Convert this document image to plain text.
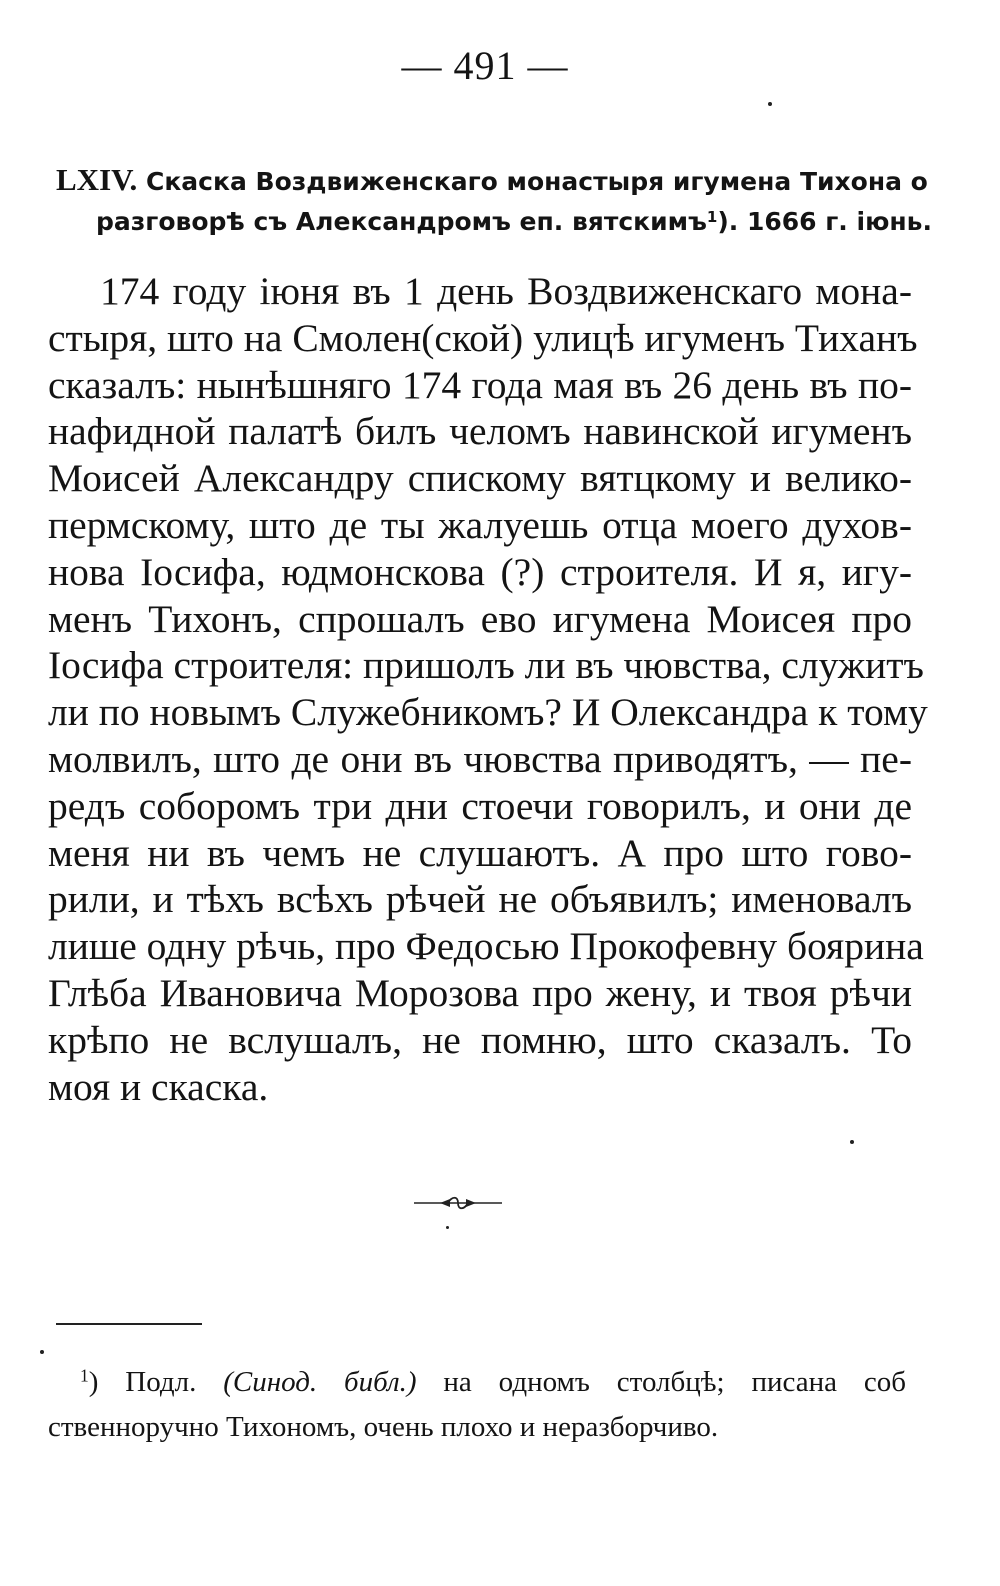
— 491 —
LXIV. Скаска Воздвиженскаго монастыря игумена Тихона о
разговорѣ съ Александромъ еп. вятскимъ$^1$). 1666 г. іюнь.
174 году іюня въ 1 день Воздвиженскаго мона-
стыря, што на Смолен(ской) улицѣ игуменъ Тиханъ
сказалъ: нынѣшняго 174 года мая въ 26 день въ по-
нафидной палатѣ билъ челомъ навинской игуменъ
Моисей Александру спискому вятцкому и велико-
пермскому, што де ты жалуешь отца моего духов-
нова Іосифа, юдмонскова (?) строителя. И я, игу-
менъ Тихонъ, спрошалъ ево игумена Моисея про
Іосифа строителя: пришолъ ли въ чювства, служитъ
ли по новымъ Служебникомъ? И Олександра к тому
молвилъ, што де они въ чювства приводятъ, — пе-
редъ соборомъ три дни стоечи говорилъ, и они де
меня ни въ чемъ не слушаютъ. А про што гово-
рили, и тѣхъ всѣхъ рѣчей не объявилъ; именовалъ
лише одну рѣчь, про Федосью Прокофевну боярина
Глѣба Ивановича Морозова про жену, и твоя рѣчи
крѣпо не вслушалъ, не помню, што сказалъ. То
моя и скаска.
$^1$) Подл. (Синод. библ.) на одномъ столбцѣ; писана соб
ственноручно Тихономъ, очень плохо и неразборчиво.
